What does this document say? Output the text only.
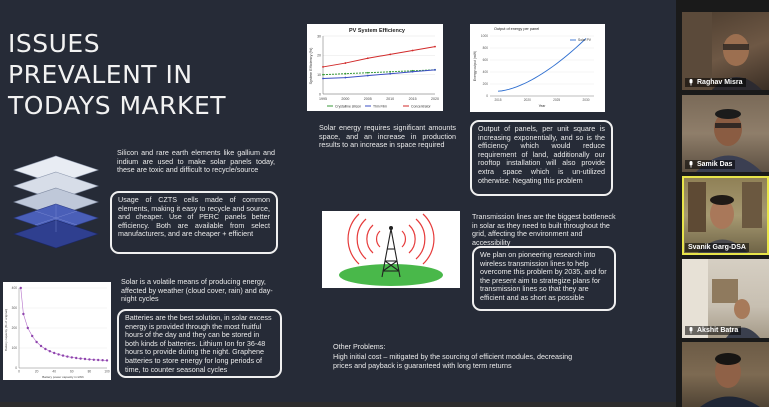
ISSUES
PREVALENT IN
TODAYS MARKET
Silicon and rare earth elements like gallium and indium are used to make solar panels today, these are toxic and difficult to recycle/source
Usage of CZTS cells made of common elements, making it easy to recycle and source, and cheaper. Use of PERC panels better efficiency. Both are available from select manufacturers, and are cheaper + efficient
0
100
200
300
400
0	20	40	60	80	100
Battery capacity (% of original)
Battery power capacity in kWh
Solar is a volatile means of producing energy, affected by weather (cloud cover, rain) and day-night cycles
Batteries are the best solution, in solar excess energy is provided through the most fruitful hours of the day and they can be stored in both kinds of batteries. Lithium Ion for 36-48 hours to provide during the night. Graphene batteries to store energy for long periods of time, to counter seasonal cycles
PV System Efficiency
System Efficiency (%)
0
10
20
30
1995	2000	2005	2010	2015	2020
Crystalline silicon	Thin Film	Concentrator
Output of energy per panel
Energy output (mW)
0
200
400
600
800
1000
2015	2020	2025	2030
Year
Solar PV
Solar energy requires significant amounts space, and an increase in production results to an increase in space required
Output of panels, per unit square is increasing exponentially, and so is the efficiency which would reduce requirement of land, additionally our rooftop installation will also provide extra space which is un-utilized otherwise. Negating this problem
Transmission lines are the biggest bottleneck in solar as they need to built throughout the grid, affecting the environment and accessibility
We plan on pioneering research into wireless transmission lines to help overcome this problem by 2035, and for the present aim to strategize plans for transmission lines so that they are efficient and as short as possible
Other Problems:
High initial cost – mitigated by the sourcing of efficient modules, decreasing prices and payback is guaranteed with long term returns
Raghav Misra
Samik Das
Svanik Garg-DSA
Akshit Batra
